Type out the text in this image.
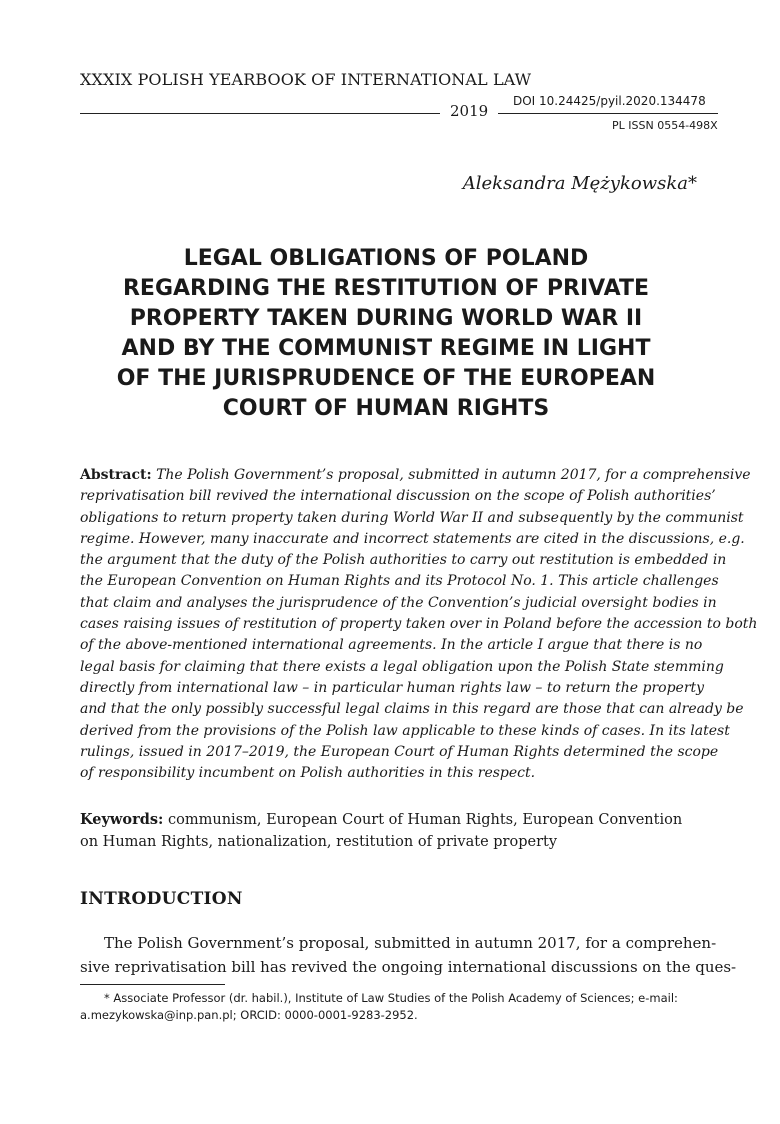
XXXIX POLISH YEARBOOK OF INTERNATIONAL LAW
2019
DOI 10.24425/pyil.2020.134478
PL ISSN 0554-498X
Aleksandra Mężykowska*
LEGAL OBLIGATIONS OF POLAND
REGARDING THE RESTITUTION OF PRIVATE
PROPERTY TAKEN DURING WORLD WAR II
AND BY THE COMMUNIST REGIME IN LIGHT
OF THE JURISPRUDENCE OF THE EUROPEAN
COURT OF HUMAN RIGHTS
Abstract: The Polish Government’s proposal, submitted in autumn 2017, for a comprehensive
reprivatisation bill revived the international discussion on the scope of Polish authorities’
obligations to return property taken during World War II and subsequently by the communist
regime. However, many inaccurate and incorrect statements are cited in the discussions, e.g.
the argument that the duty of the Polish authorities to carry out restitution is embedded in
the European Convention on Human Rights and its Protocol No. 1. This article challenges
that claim and analyses the jurisprudence of the Convention’s judicial oversight bodies in
cases raising issues of restitution of property taken over in Poland before the accession to both
of the above-mentioned international agreements. In the article I argue that there is no
legal basis for claiming that there exists a legal obligation upon the Polish State stemming
directly from international law – in particular human rights law – to return the property
and that the only possibly successful legal claims in this regard are those that can already be
derived from the provisions of the Polish law applicable to these kinds of cases. In its latest
rulings, issued in 2017–2019, the European Court of Human Rights determined the scope
of responsibility incumbent on Polish authorities in this respect.
Keywords: communism, European Court of Human Rights, European Convention on Human Rights, nationalization, restitution of private property
INTRODUCTION
The Polish Government’s proposal, submitted in autumn 2017, for a comprehen-
sive reprivatisation bill has revived the ongoing international discussions on the ques-
* Associate Professor (dr. habil.), Institute of Law Studies of the Polish Academy of Sciences; e-mail:
a.mezykowska@inp.pan.pl; ORCID: 0000-0001-9283-2952.
